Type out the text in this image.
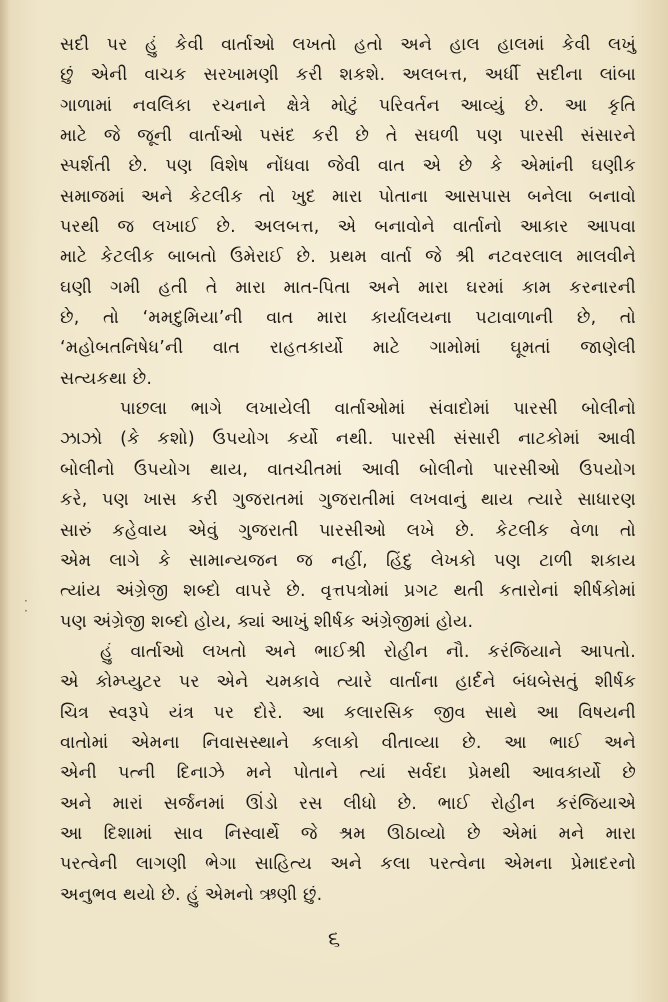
સદી પર હું કેવી વાર્તાઓ લખતો હતો અને હાલ હાલમાં કેવી લખું
છું એની વાચક સરખામણી કરી શકશે. અલબત્ત, અર્ધી સદીના લાંબા
ગાળામાં નવલિકા રચનાને ક્ષેત્રે મોટું પરિવર્તન આવ્યું છે. આ કૃતિ
માટે જે જૂની વાર્તાઓ પસંદ કરી છે તે સઘળી પણ પારસી સંસારને
સ્પર્શતી છે. પણ વિશેષ નોંધવા જેવી વાત એ છે કે એમાંની ઘણીક
સમાજમાં અને કેટલીક તો ખુદ મારા પોતાના આસપાસ બનેલા બનાવો
પરથી જ લખાઈ છે. અલબત્ત, એ બનાવોને વાર્તાનો આકાર આપવા
માટે કેટલીક બાબતો ઉમેરાઈ છે. પ્રથમ વાર્તા જે શ્રી નટવરલાલ માલવીને
ઘણી ગમી હતી તે મારા માત-પિતા અને મારા ઘરમાં કામ કરનારની
છે, તો ‘મમદુમિયા’ની વાત મારા કાર્યાલયના પટાવાળાની છે, તો
‘મહોબતનિષેધ’ની વાત રાહતકાર્યો માટે ગામોમાં ઘૂમતાં જાણેલી
સત્યકથા છે.
પાછલા ભાગે લખાયેલી વાર્તાઓમાં સંવાદોમાં પારસી બોલીનો
ઝાઝો (કે કશો) ઉપયોગ કર્યો નથી. પારસી સંસારી નાટકોમાં આવી
બોલીનો ઉપયોગ થાય, વાતચીતમાં આવી બોલીનો પારસીઓ ઉપયોગ
કરે, પણ ખાસ કરી ગુજરાતમાં ગુજરાતીમાં લખવાનું થાય ત્યારે સાધારણ
સારું કહેવાય એવું ગુજરાતી પારસીઓ લખે છે. કેટલીક વેળા તો
એમ લાગે કે સામાન્યજન જ નહીં, હિંદુ લેખકો પણ ટાળી શકાય
ત્યાંય અંગ્રેજી શબ્દો વાપરે છે. વૃત્તપત્રોમાં પ્રગટ થતી કતારોનાં શીર્ષકોમાં
પણ અંગ્રેજી શબ્દો હોય, ક્યાં આખું શીર્ષક અંગ્રેજીમાં હોય.
હું વાર્તાઓ લખતો અને ભાઈશ્રી રોહીન નૌ. કરંજિયાને આપતો.
એ કોમ્પ્યુટર પર એને ચમકાવે ત્યારે વાર્તાના હાર્દને બંધબેસતું શીર્ષક
ચિત્ર સ્વરૂપે યંત્ર પર દોરે. આ કલારસિક જીવ સાથે આ વિષયની
વાતોમાં એમના નિવાસસ્થાને કલાકો વીતાવ્યા છે. આ ભાઈ અને
એની પત્ની દિનાઝે મને પોતાને ત્યાં સર્વદા પ્રેમથી આવકાર્યો છે
અને મારાં સર્જનમાં ઊંડો રસ લીધો છે. ભાઈ રોહીન કરંજિયાએ
આ દિશામાં સાવ નિસ્વાર્થે જે શ્રમ ઊઠાવ્યો છે એમાં મને મારા
પરત્વેની લાગણી ભેગા સાહિત્ય અને કલા પરત્વેના એમના પ્રેમાદરનો
અનુભવ થયો છે. હું એમનો ઋણી છું.
·
·
૬
